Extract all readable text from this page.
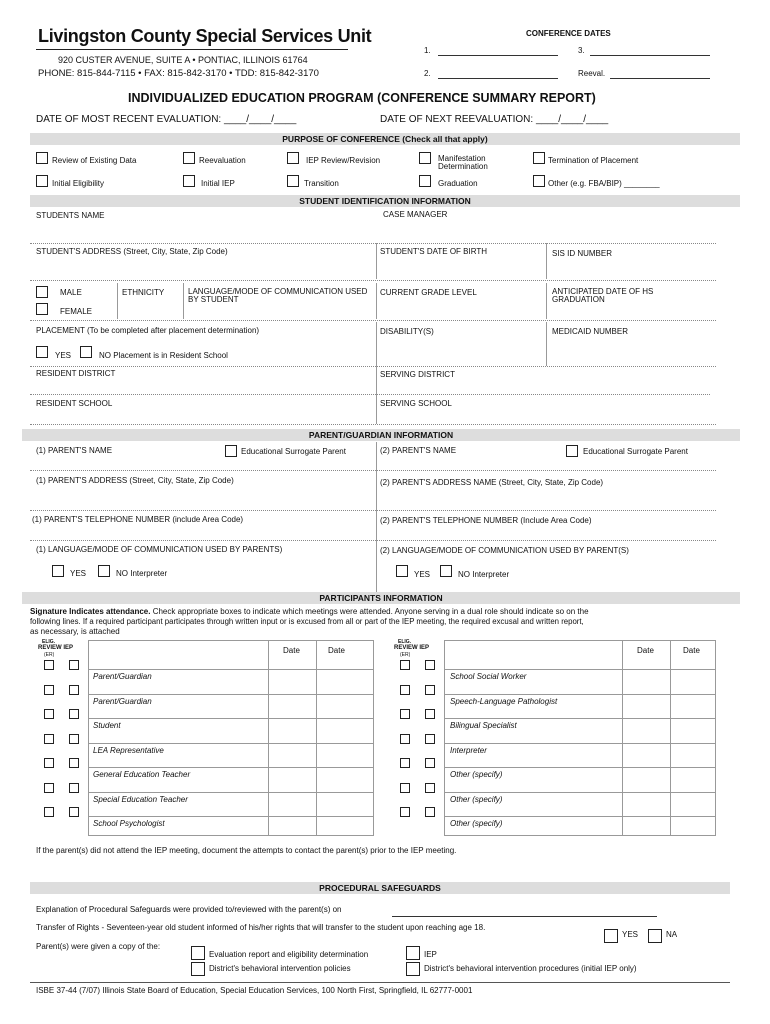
Livingston County Special Services Unit
920 CUSTER AVENUE, SUITE A • PONTIAC, ILLINOIS 61764
PHONE: 815-844-7115 • FAX: 815-842-3170 • TDD: 815-842-3170
CONFERENCE DATES
1.	3.
2.	Reeval.
INDIVIDUALIZED EDUCATION PROGRAM (CONFERENCE SUMMARY REPORT)
DATE OF MOST RECENT EVALUATION: ____/____/____	DATE OF NEXT REEVALUATION: ____/____/____
PURPOSE OF CONFERENCE (Check all that apply)
Review of Existing Data	Reevaluation	IEP Review/Revision	Manifestation Determination
Termination of Placement
Initial Eligibility	Initial IEP	Transition	Graduation	Other (e.g. FBA/BIP) ________
STUDENT IDENTIFICATION INFORMATION
STUDENTS NAME	CASE MANAGER
STUDENT'S ADDRESS (Street, City, State, Zip Code)	STUDENT'S DATE OF BIRTH	SIS ID NUMBER
MALE
FEMALE
ETHNICITY	LANGUAGE/MODE OF COMMUNICATION USED BY STUDENT
CURRENT GRADE LEVEL	ANTICIPATED DATE OF HS GRADUATION
PLACEMENT (To be completed after placement determination)	DISABILITY(S)	MEDICAID NUMBER
YES	NO Placement is in Resident School
RESIDENT DISTRICT	SERVING DISTRICT
RESIDENT SCHOOL	SERVING SCHOOL
PARENT/GUARDIAN INFORMATION
(1) PARENT'S NAME	Educational Surrogate Parent	(2) PARENT'S NAME	Educational Surrogate Parent
(1) PARENT'S ADDRESS (Street, City, State, Zip Code)	(2) PARENT'S ADDRESS NAME (Street, City, State, Zip Code)
(1) PARENT'S TELEPHONE NUMBER (include Area Code)	(2) PARENT'S TELEPHONE NUMBER (Include Area Code)
(1) LANGUAGE/MODE OF COMMUNICATION USED BY PARENTS)	(2) LANGUAGE/MODE OF COMMUNICATION USED BY PARENT(S)
YES	NO Interpreter	YES	NO Interpreter
PARTICIPANTS INFORMATION
Signature Indicates attendance. Check appropriate boxes to indicate which meetings were attended. Anyone serving in a dual role should indicate so on the
following lines. If a required participant participates through written input or is excused from all or part of the IEP meeting, the required excusal and written report,
as necessary, is attached
ELIG.
REVIEW IEP
(ER)	Date	Date
ELIG.
REVIEW IEP
(ER)	Date	Date
Parent/Guardian
Parent/Guardian
Student
LEA Representative
General Education Teacher
Special Education Teacher
School Psychologist
School Social Worker
Speech-Language Pathologist
Bilingual Specialist
Interpreter
Other (specify)
Other (specify)
Other (specify)
If the parent(s) did not attend the IEP meeting, document the attempts to contact the parent(s) prior to the IEP meeting.
PROCEDURAL SAFEGUARDS
Explanation of Procedural Safeguards were provided to/reviewed with the parent(s) on
Transfer of Rights - Seventeen-year old student informed of his/her rights that will transfer to the student upon reaching age 18.
YES	NA
Parent(s) were given a copy of the:
Evaluation report and eligibility determination	IEP
District's behavioral intervention policies	District's behavioral intervention procedures (initial IEP only)
ISBE 37-44 (7/07) Illinois State Board of Education, Special Education Services, 100 North First, Springfield, IL 62777-0001
